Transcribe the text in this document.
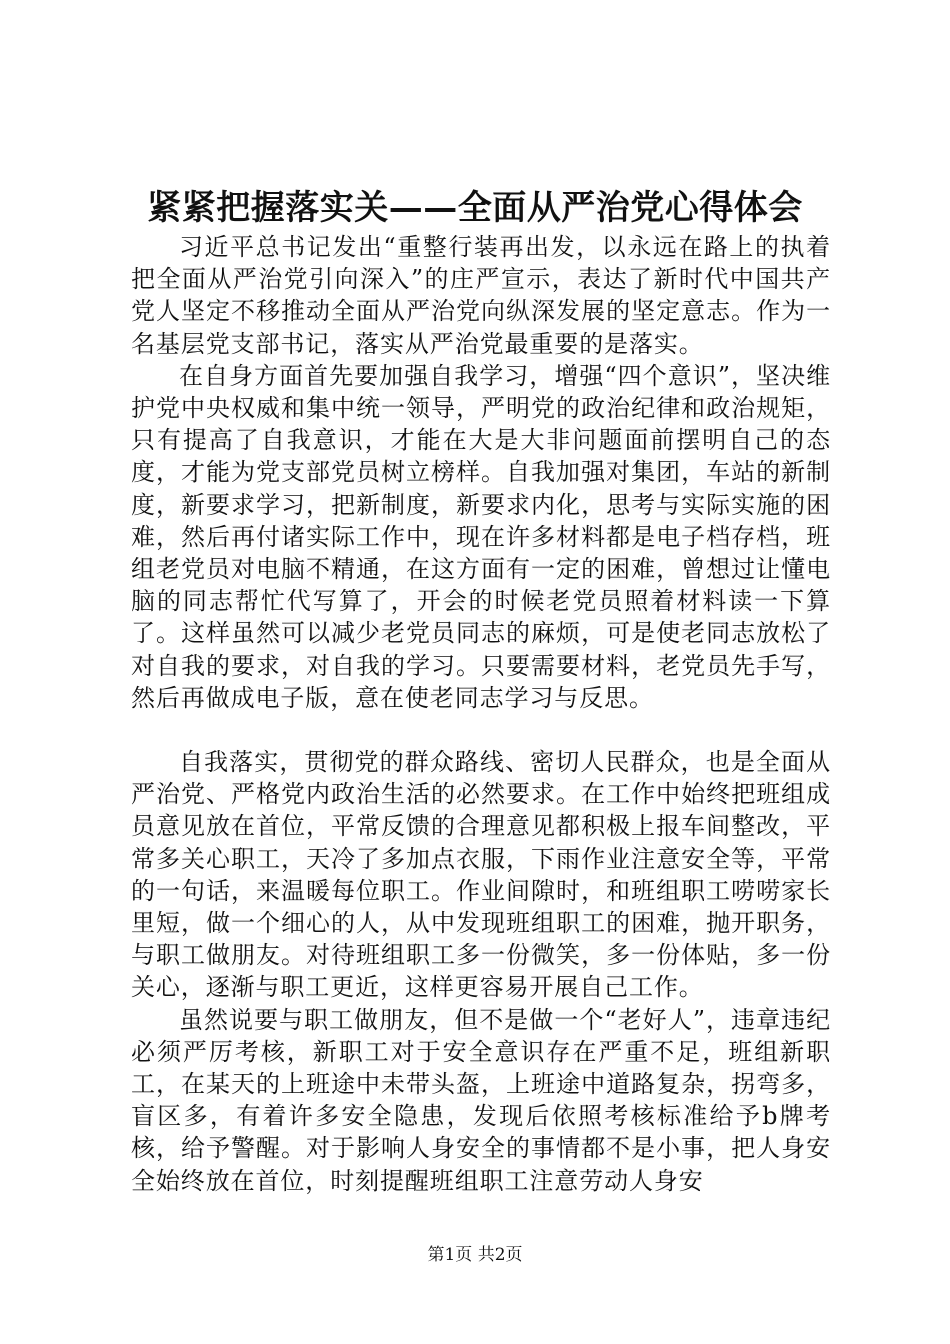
紧紧把握落实关——全面从严治党心得体会

习近平总书记发出“重整行装再出发，以永远在路上的执着把全面从严治党引向深入”的庄严宣示，表达了新时代中国共产党人坚定不移推动全面从严治党向纵深发展的坚定意志。作为一名基层党支部书记，落实从严治党最重要的是落实。

在自身方面首先要加强自我学习，增强“四个意识”，坚决维护党中央权威和集中统一领导，严明党的政治纪律和政治规矩，只有提高了自我意识，才能在大是大非问题面前摆明自己的态度，才能为党支部党员树立榜样。自我加强对集团，车站的新制度，新要求学习，把新制度，新要求内化，思考与实际实施的困难，然后再付诸实际工作中，现在许多材料都是电子档存档，班组老党员对电脑不精通，在这方面有一定的困难，曾想过让懂电脑的同志帮忙代写算了，开会的时候老党员照着材料读一下算了。这样虽然可以减少老党员同志的麻烦，可是使老同志放松了对自我的要求，对自我的学习。只要需要材料，老党员先手写，然后再做成电子版，意在使老同志学习与反思。

自我落实，贯彻党的群众路线、密切人民群众，也是全面从严治党、严格党内政治生活的必然要求。在工作中始终把班组成员意见放在首位，平常反馈的合理意见都积极上报车间整改，平常多关心职工，天冷了多加点衣服，下雨作业注意安全等，平常的一句话，来温暖每位职工。作业间隙时，和班组职工唠唠家长里短，做一个细心的人，从中发现班组职工的困难，抛开职务，与职工做朋友。对待班组职工多一份微笑，多一份体贴，多一份关心，逐渐与职工更近，这样更容易开展自己工作。

虽然说要与职工做朋友，但不是做一个“老好人”，违章违纪必须严厉考核，新职工对于安全意识存在严重不足，班组新职工，在某天的上班途中未带头盔，上班途中道路复杂，拐弯多，盲区多，有着许多安全隐患，发现后依照考核标准给予b牌考核，给予警醒。对于影响人身安全的事情都不是小事，把人身安全始终放在首位，时刻提醒班组职工注意劳动人身安

第1页 共2页
